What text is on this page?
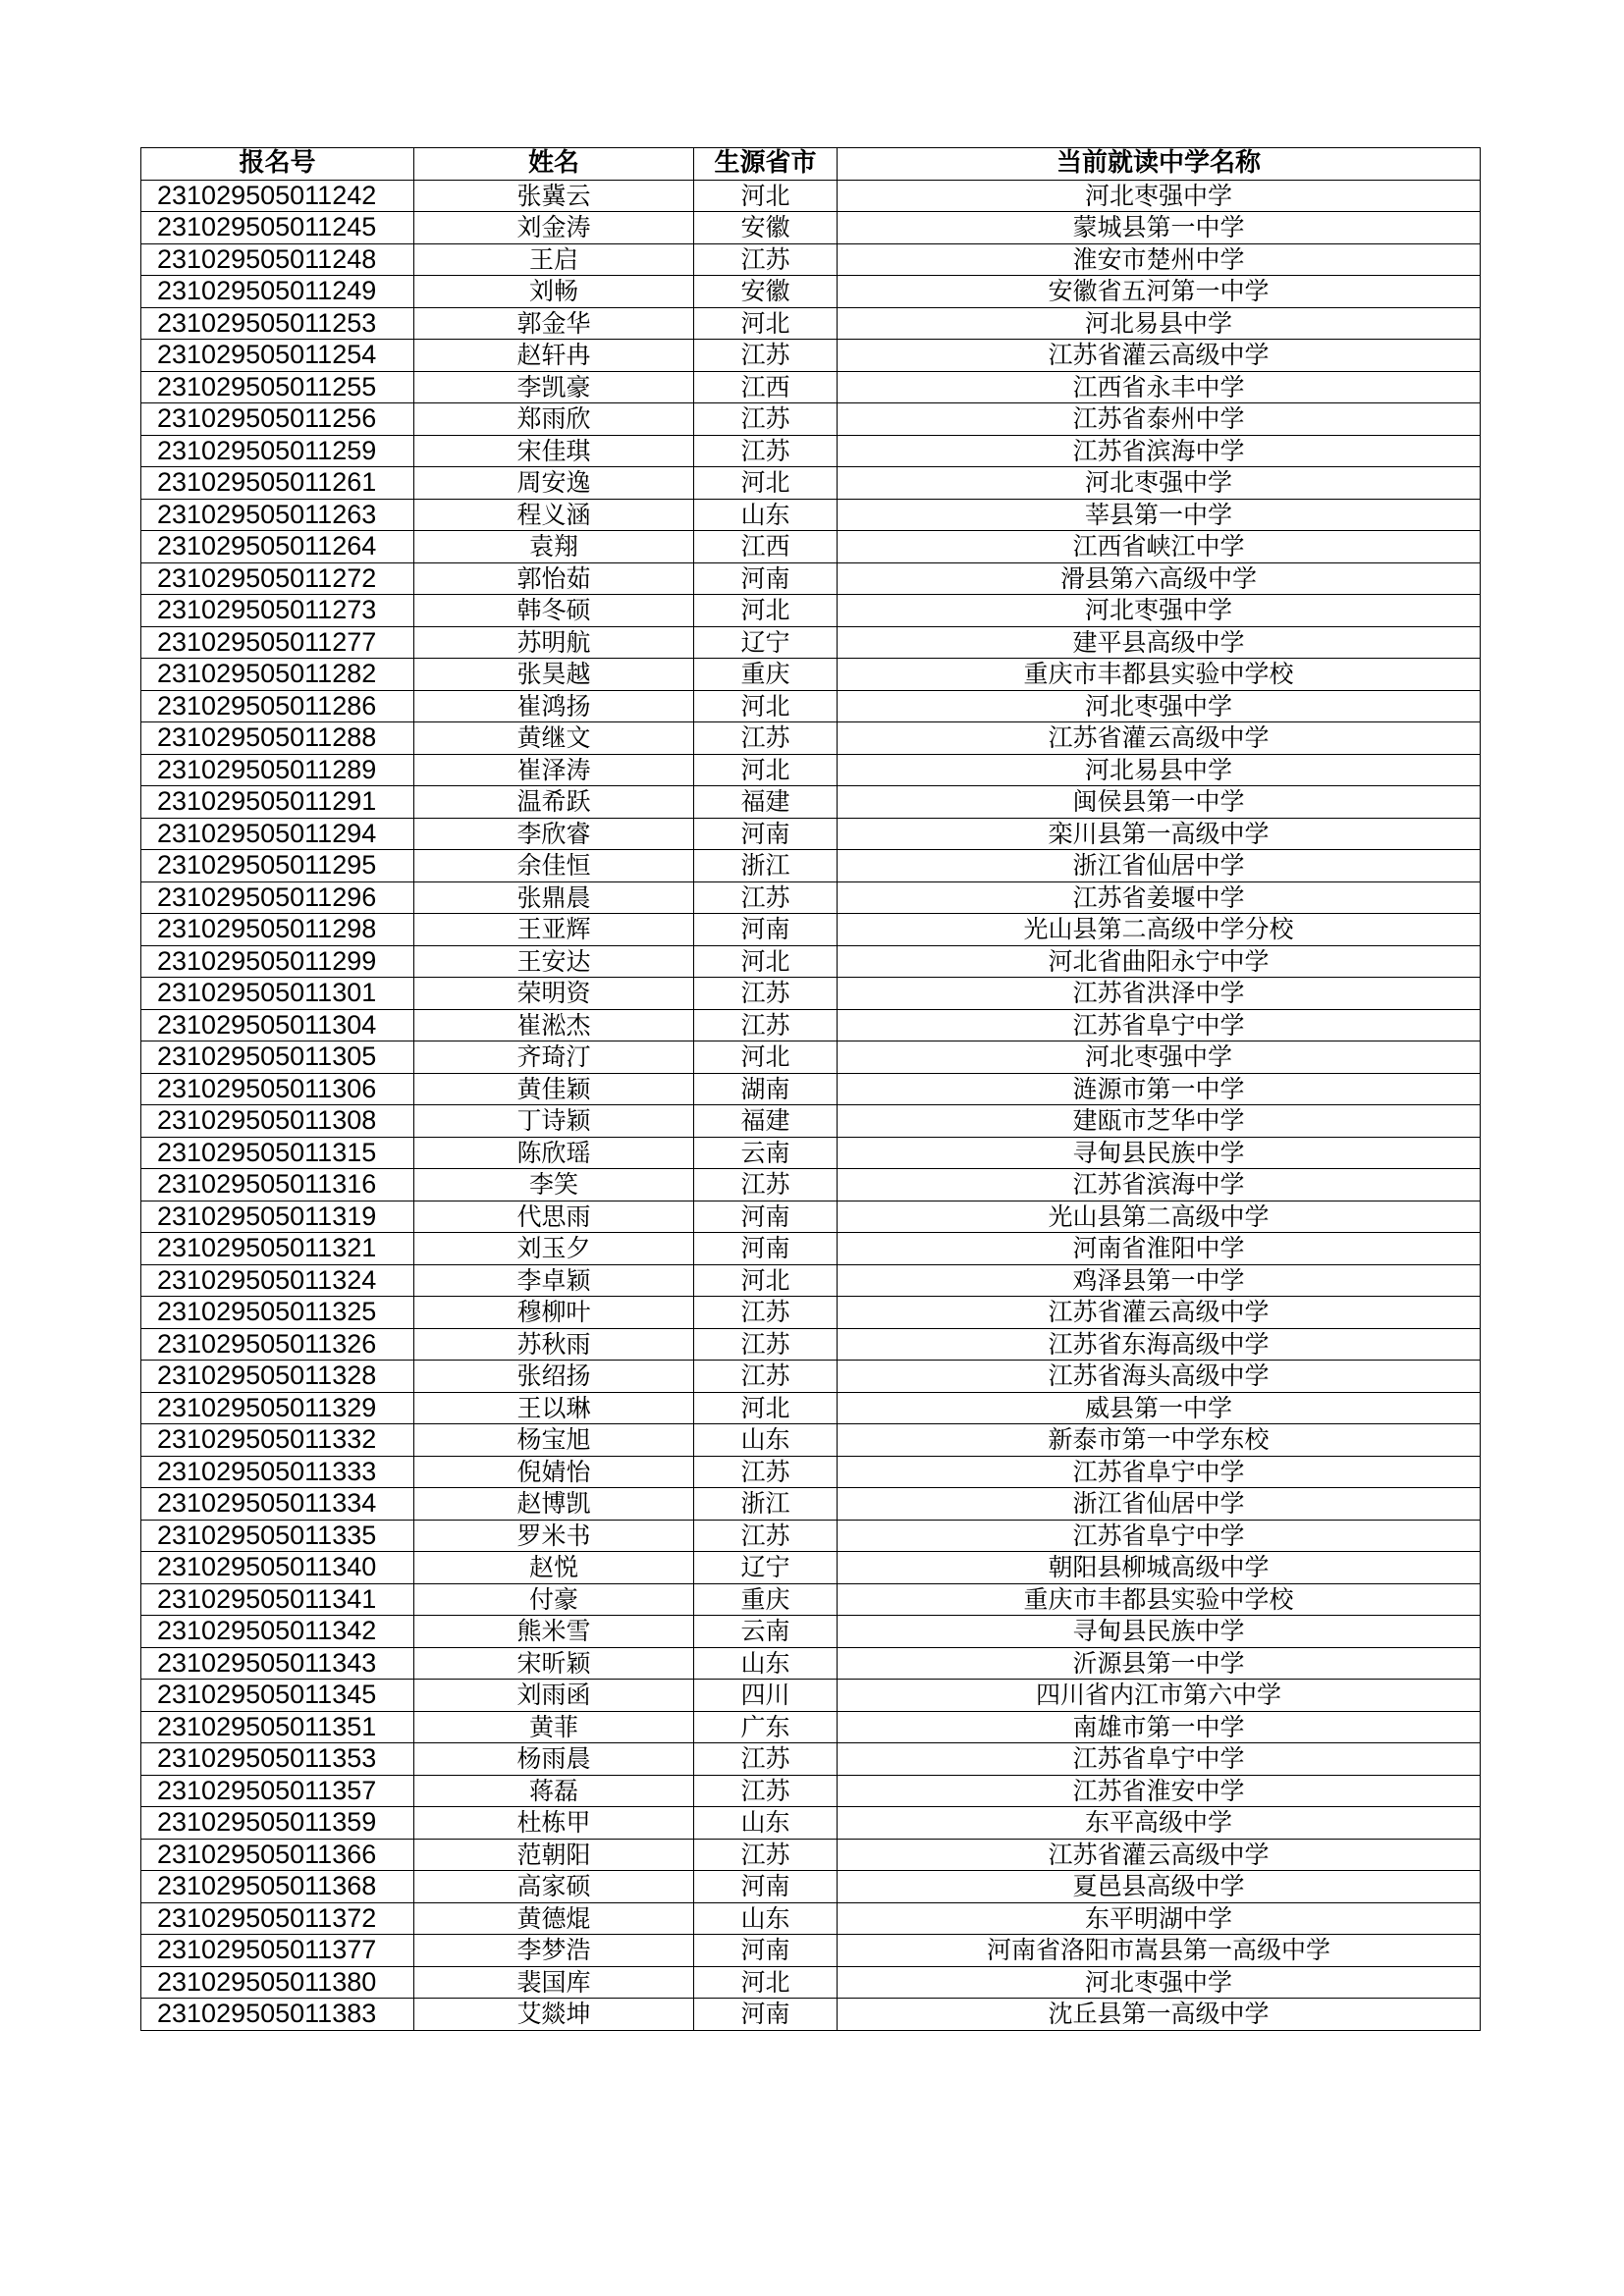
报名号	姓名	生源省市	当前就读中学名称
231029505011242	张冀云	河北	河北枣强中学
231029505011245	刘金涛	安徽	蒙城县第一中学
231029505011248	王启	江苏	淮安市楚州中学
231029505011249	刘畅	安徽	安徽省五河第一中学
231029505011253	郭金华	河北	河北易县中学
231029505011254	赵轩冉	江苏	江苏省灌云高级中学
231029505011255	李凯豪	江西	江西省永丰中学
231029505011256	郑雨欣	江苏	江苏省泰州中学
231029505011259	宋佳琪	江苏	江苏省滨海中学
231029505011261	周安逸	河北	河北枣强中学
231029505011263	程义涵	山东	莘县第一中学
231029505011264	袁翔	江西	江西省峡江中学
231029505011272	郭怡茹	河南	滑县第六高级中学
231029505011273	韩冬硕	河北	河北枣强中学
231029505011277	苏明航	辽宁	建平县高级中学
231029505011282	张昊越	重庆	重庆市丰都县实验中学校
231029505011286	崔鸿扬	河北	河北枣强中学
231029505011288	黄继文	江苏	江苏省灌云高级中学
231029505011289	崔泽涛	河北	河北易县中学
231029505011291	温希跃	福建	闽侯县第一中学
231029505011294	李欣睿	河南	栾川县第一高级中学
231029505011295	余佳恒	浙江	浙江省仙居中学
231029505011296	张鼎晨	江苏	江苏省姜堰中学
231029505011298	王亚辉	河南	光山县第二高级中学分校
231029505011299	王安达	河北	河北省曲阳永宁中学
231029505011301	荣明资	江苏	江苏省洪泽中学
231029505011304	崔淞杰	江苏	江苏省阜宁中学
231029505011305	齐琦汀	河北	河北枣强中学
231029505011306	黄佳颖	湖南	涟源市第一中学
231029505011308	丁诗颖	福建	建瓯市芝华中学
231029505011315	陈欣瑶	云南	寻甸县民族中学
231029505011316	李笑	江苏	江苏省滨海中学
231029505011319	代思雨	河南	光山县第二高级中学
231029505011321	刘玉夕	河南	河南省淮阳中学
231029505011324	李卓颖	河北	鸡泽县第一中学
231029505011325	穆柳叶	江苏	江苏省灌云高级中学
231029505011326	苏秋雨	江苏	江苏省东海高级中学
231029505011328	张绍扬	江苏	江苏省海头高级中学
231029505011329	王以琳	河北	威县第一中学
231029505011332	杨宝旭	山东	新泰市第一中学东校
231029505011333	倪婧怡	江苏	江苏省阜宁中学
231029505011334	赵博凯	浙江	浙江省仙居中学
231029505011335	罗米书	江苏	江苏省阜宁中学
231029505011340	赵悦	辽宁	朝阳县柳城高级中学
231029505011341	付豪	重庆	重庆市丰都县实验中学校
231029505011342	熊米雪	云南	寻甸县民族中学
231029505011343	宋昕颖	山东	沂源县第一中学
231029505011345	刘雨函	四川	四川省内江市第六中学
231029505011351	黄菲	广东	南雄市第一中学
231029505011353	杨雨晨	江苏	江苏省阜宁中学
231029505011357	蒋磊	江苏	江苏省淮安中学
231029505011359	杜栋甲	山东	东平高级中学
231029505011366	范朝阳	江苏	江苏省灌云高级中学
231029505011368	高家硕	河南	夏邑县高级中学
231029505011372	黄德焜	山东	东平明湖中学
231029505011377	李梦浩	河南	河南省洛阳市嵩县第一高级中学
231029505011380	裴国库	河北	河北枣强中学
231029505011383	艾燚坤	河南	沈丘县第一高级中学
